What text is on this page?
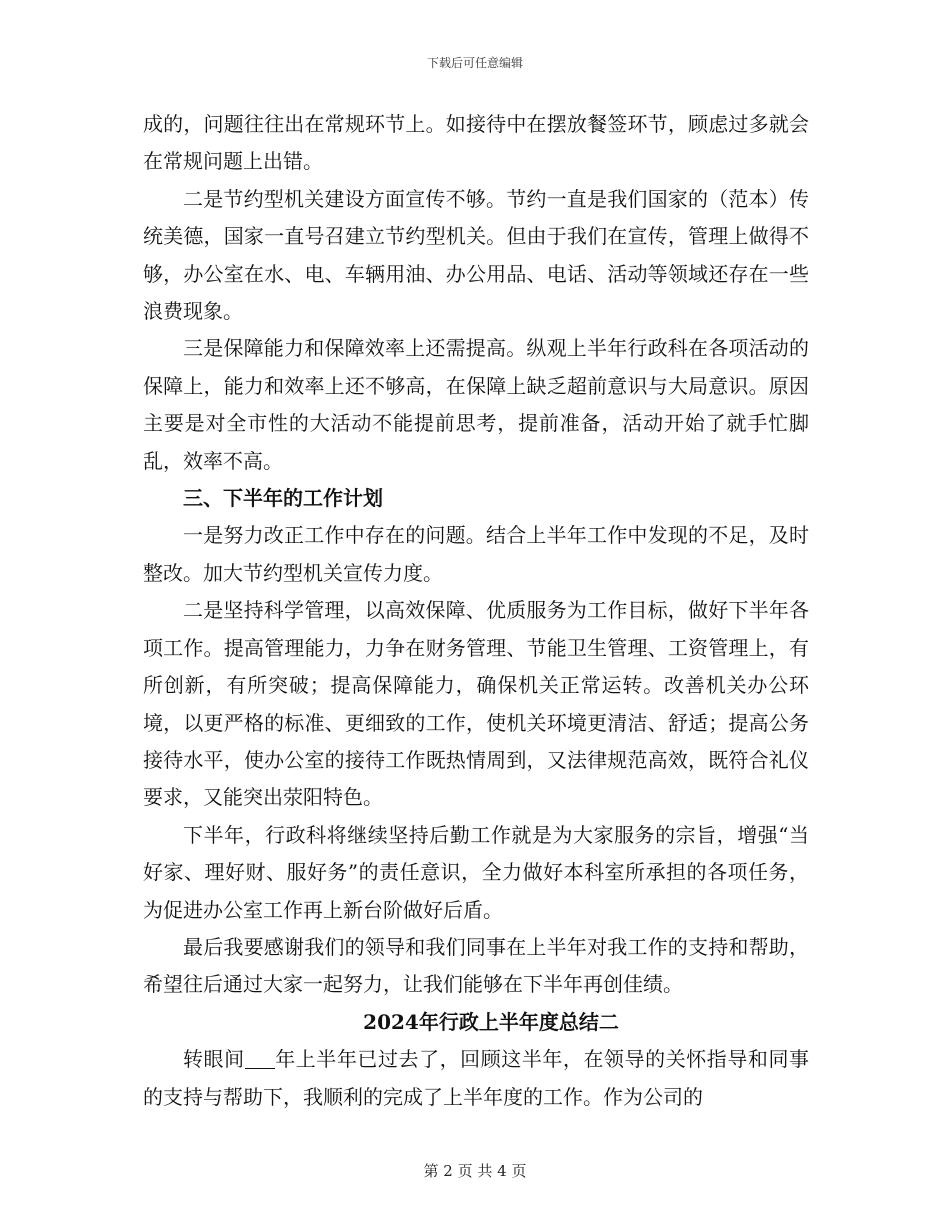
下载后可任意编辑

成的，问题往往出在常规环节上。如接待中在摆放餐签环节，顾虑过多就会在常规问题上出错。

二是节约型机关建设方面宣传不够。节约一直是我们国家的（范本）传统美德，国家一直号召建立节约型机关。但由于我们在宣传，管理上做得不够，办公室在水、电、车辆用油、办公用品、电话、活动等领域还存在一些浪费现象。

三是保障能力和保障效率上还需提高。纵观上半年行政科在各项活动的保障上，能力和效率上还不够高，在保障上缺乏超前意识与大局意识。原因主要是对全市性的大活动不能提前思考，提前准备，活动开始了就手忙脚乱，效率不高。

三、下半年的工作计划

一是努力改正工作中存在的问题。结合上半年工作中发现的不足，及时整改。加大节约型机关宣传力度。

二是坚持科学管理，以高效保障、优质服务为工作目标，做好下半年各项工作。提高管理能力，力争在财务管理、节能卫生管理、工资管理上，有所创新，有所突破；提高保障能力，确保机关正常运转。改善机关办公环境，以更严格的标准、更细致的工作，使机关环境更清洁、舒适；提高公务接待水平，使办公室的接待工作既热情周到，又法律规范高效，既符合礼仪要求，又能突出荥阳特色。

下半年，行政科将继续坚持后勤工作就是为大家服务的宗旨，增强“当好家、理好财、服好务”的责任意识，全力做好本科室所承担的各项任务，为促进办公室工作再上新台阶做好后盾。

最后我要感谢我们的领导和我们同事在上半年对我工作的支持和帮助，希望往后通过大家一起努力，让我们能够在下半年再创佳绩。

2024年行政上半年度总结二

转眼间 年上半年已过去了，回顾这半年，在领导的关怀指导和同事的支持与帮助下，我顺利的完成了上半年度的工作。作为公司的

第 2 页 共 4 页
